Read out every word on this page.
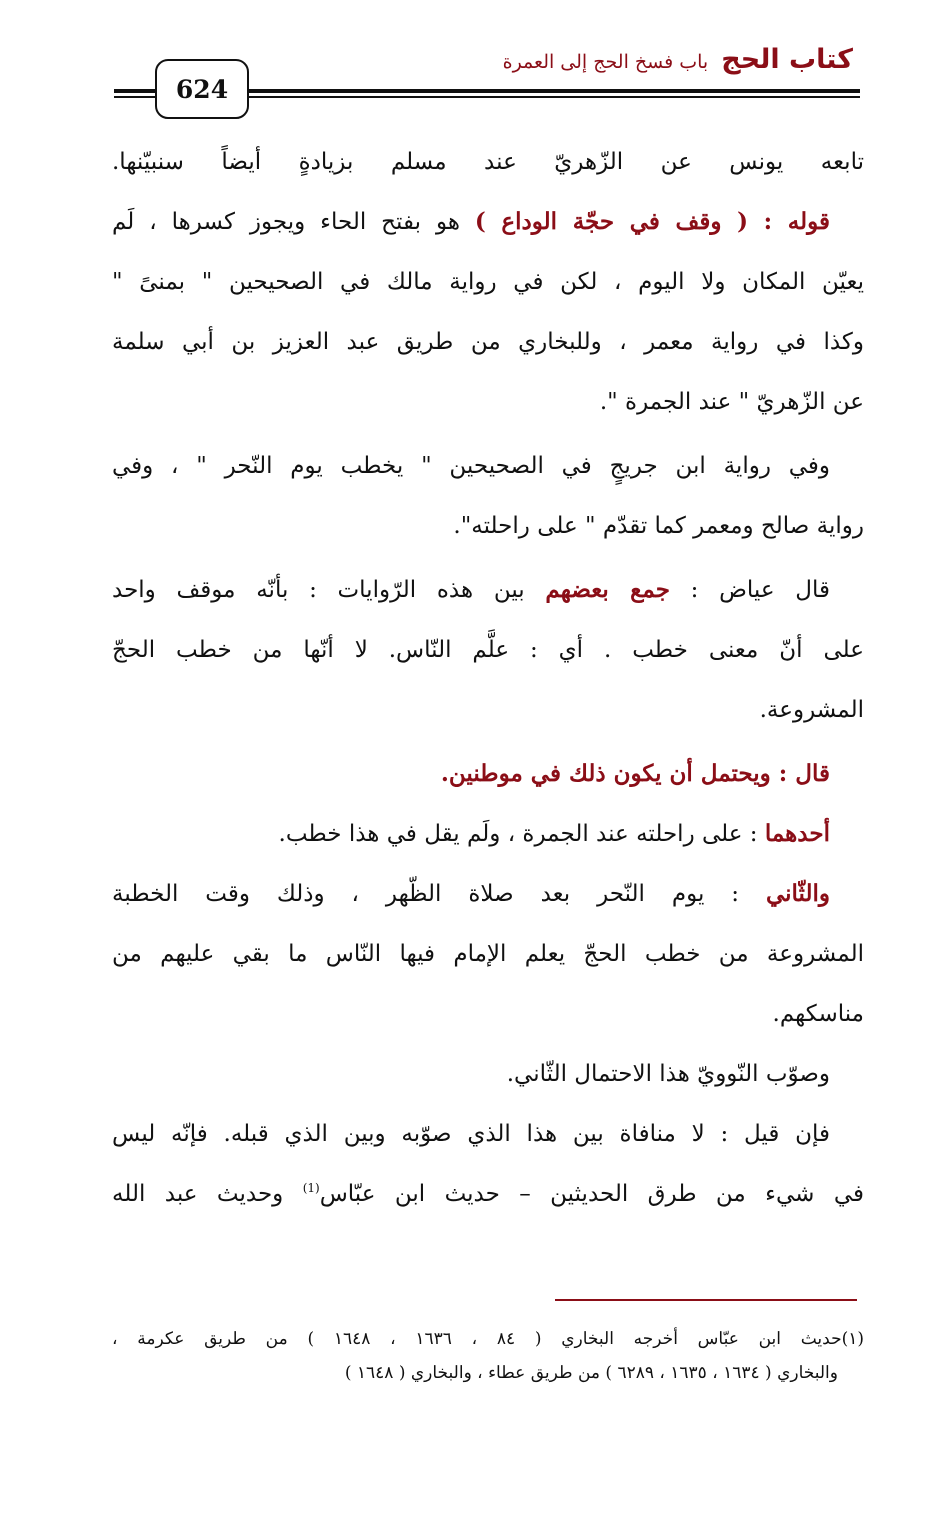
كتاب الحج باب فسخ الحج إلى العمرة
624
تابعه يونس عن الزّهريّ عند مسلم بزيادةٍ أيضاً سنبيّنها.
قوله : ( وقف في حجّة الوداع ) هو بفتح الحاء ويجوز كسرها ، لَم
يعيّن المكان ولا اليوم ، لكن في رواية مالك في الصحيحين " بمنىً "
وكذا في رواية معمر ، وللبخاري من طريق عبد العزيز بن أبي سلمة
عن الزّهريّ " عند الجمرة ".
وفي رواية ابن جريجٍ في الصحيحين " يخطب يوم النّحر " ، وفي
رواية صالح ومعمر كما تقدّم " على راحلته".
قال عياض : جمع بعضهم بين هذه الرّوايات : بأنّه موقف واحد
على أنّ معنى خطب . أي : علَّم النّاس. لا أنّها من خطب الحجّ
المشروعة.
قال : ويحتمل أن يكون ذلك في موطنين.
أحدهما : على راحلته عند الجمرة ، ولَم يقل في هذا خطب.
والثّاني : يوم النّحر بعد صلاة الظّهر ، وذلك وقت الخطبة
المشروعة من خطب الحجّ يعلم الإمام فيها النّاس ما بقي عليهم من
مناسكهم.
وصوّب النّوويّ هذا الاحتمال الثّاني.
فإن قيل : لا منافاة بين هذا الذي صوّبه وبين الذي قبله. فإنّه ليس
في شيء من طرق الحديثين – حديث ابن عبّاس$^{(1)}$ وحديث عبد الله
(١)حديث ابن عبّاس أخرجه البخاري ( ٨٤ ، ١٦٣٦ ، ١٦٤٨ ) من طريق عكرمة ،
والبخاري ( ١٦٣٤ ، ١٦٣٥ ، ٦٢٨٩ ) من طريق عطاء ، والبخاري ( ١٦٤٨ )
